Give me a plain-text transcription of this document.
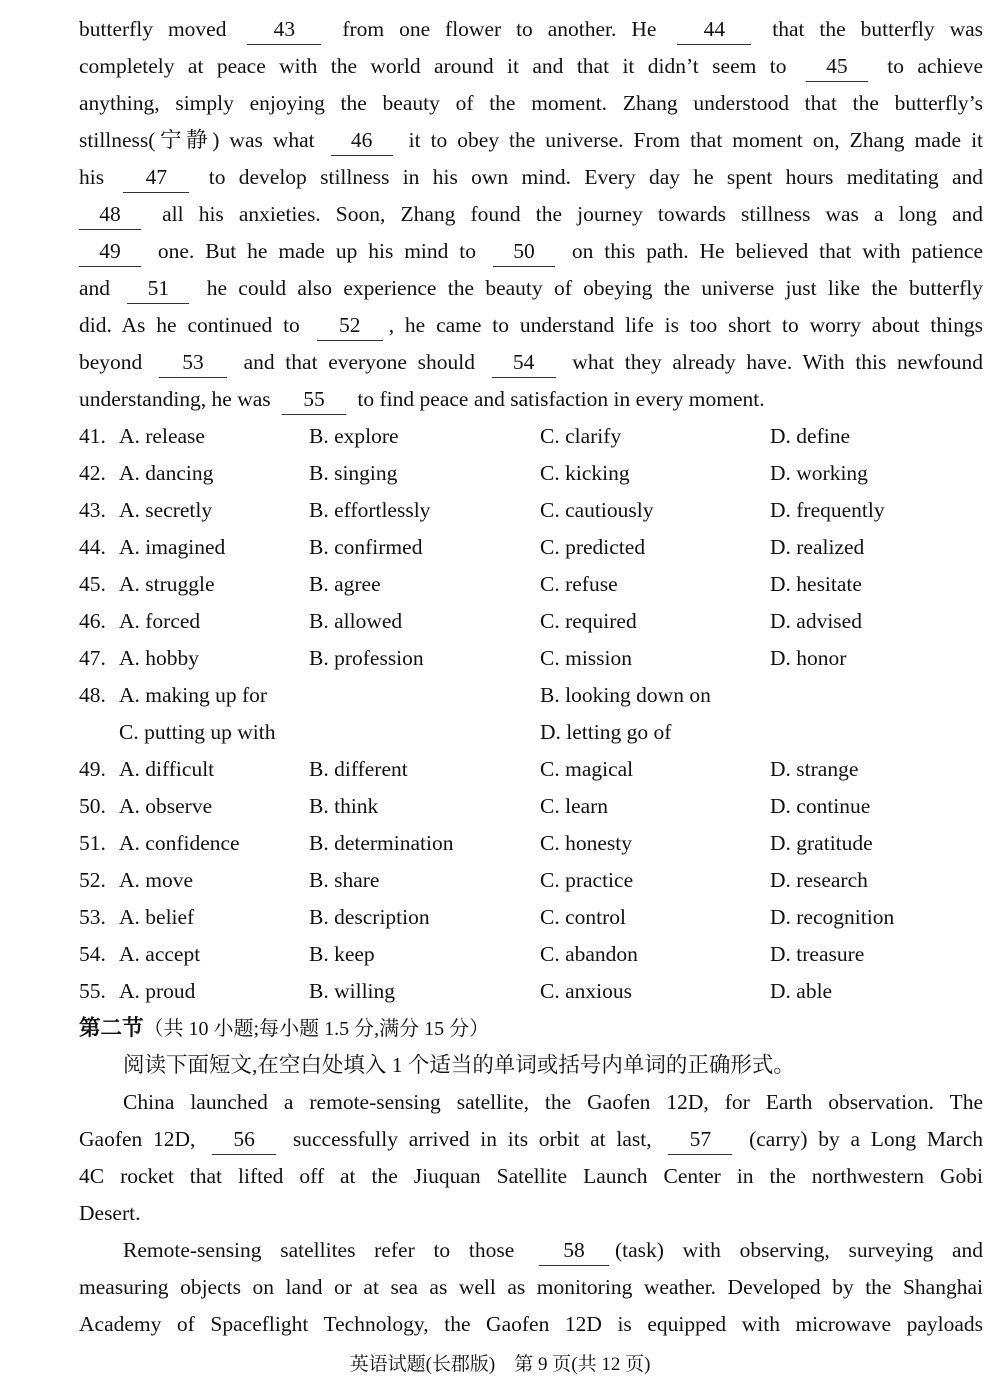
butterfly moved 43 from one flower to another. He 44 that the butterfly was
completely at peace with the world around it and that it didn’t seem to 45 to achieve
anything, simply enjoying the beauty of the moment. Zhang understood that the butterfly’s
stillness(宁静) was what 46 it to obey the universe. From that moment on, Zhang made it
his 47 to develop stillness in his own mind. Every day he spent hours meditating and
48 all his anxieties. Soon, Zhang found the journey towards stillness was a long and
49 one. But he made up his mind to 50 on this path. He believed that with patience
and 51 he could also experience the beauty of obeying the universe just like the butterfly
did. As he continued to 52 , he came to understand life is too short to worry about things
beyond 53 and that everyone should 54 what they already have. With this newfound
understanding, he was 55 to find peace and satisfaction in every moment.
41. A. release	B. explore	C. clarify	D. define
42. A. dancing	B. singing	C. kicking	D. working
43. A. secretly	B. effortlessly	C. cautiously	D. frequently
44. A. imagined	B. confirmed	C. predicted	D. realized
45. A. struggle	B. agree	C. refuse	D. hesitate
46. A. forced	B. allowed	C. required	D. advised
47. A. hobby	B. profession	C. mission	D. honor
48. A. making up for	B. looking down on
C. putting up with	D. letting go of
49. A. difficult	B. different	C. magical	D. strange
50. A. observe	B. think	C. learn	D. continue
51. A. confidence	B. determination	C. honesty	D. gratitude
52. A. move	B. share	C. practice	D. research
53. A. belief	B. description	C. control	D. recognition
54. A. accept	B. keep	C. abandon	D. treasure
55. A. proud	B. willing	C. anxious	D. able
第二节（共 10 小题;每小题 1.5 分,满分 15 分）
阅读下面短文,在空白处填入 1 个适当的单词或括号内单词的正确形式。
China launched a remote-sensing satellite, the Gaofen 12D, for Earth observation. The
Gaofen 12D, 56 successfully arrived in its orbit at last, 57 (carry) by a Long March
4C rocket that lifted off at the Jiuquan Satellite Launch Center in the northwestern Gobi
Desert.
Remote-sensing satellites refer to those 58 (task) with observing, surveying and
measuring objects on land or at sea as well as monitoring weather. Developed by the Shanghai
Academy of Spaceflight Technology, the Gaofen 12D is equipped with microwave payloads
英语试题(长郡版)　第 9 页(共 12 页)
